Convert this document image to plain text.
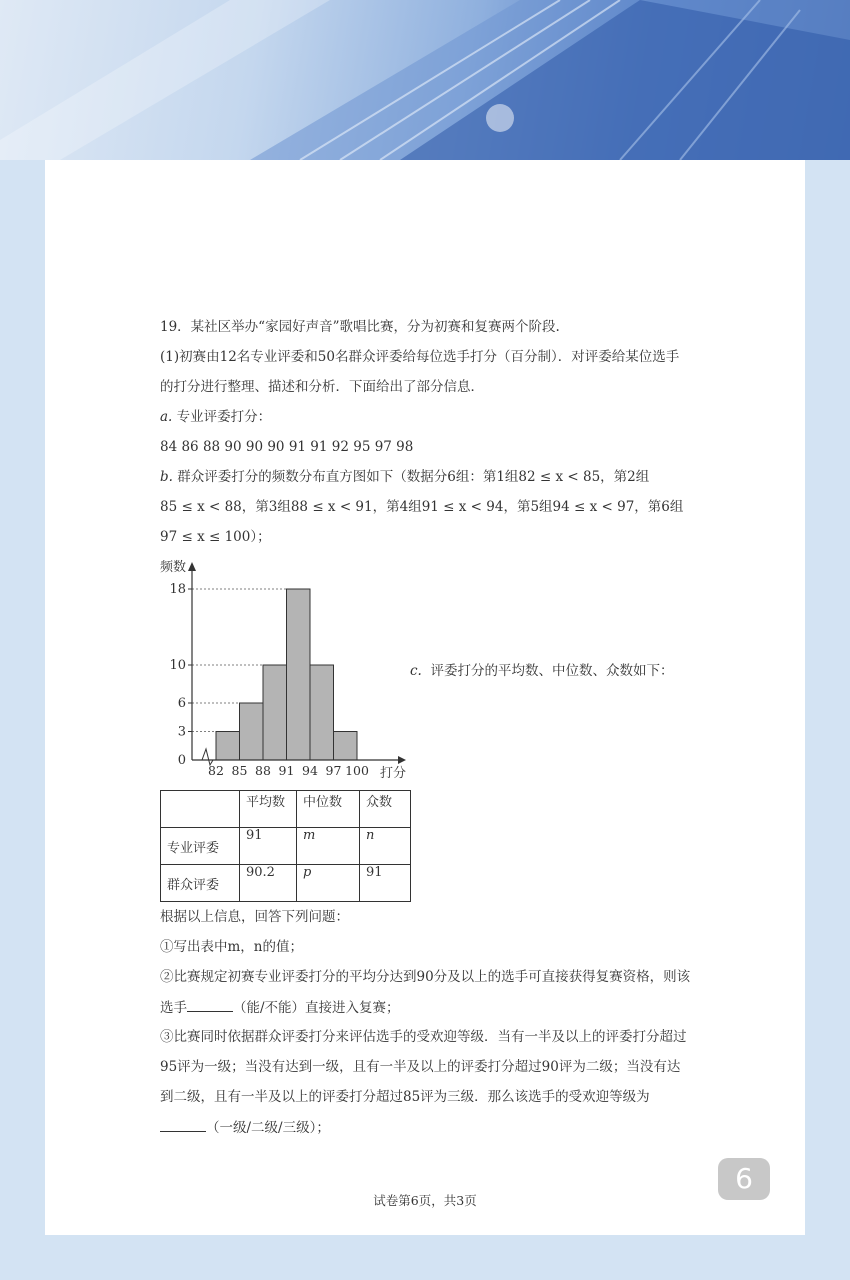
19．某社区举办“家园好声音”歌唱比赛，分为初赛和复赛两个阶段.
(1)初赛由12名专业评委和50名群众评委给每位选手打分（百分制）．对评委给某位选手
的打分进行整理、描述和分析．下面给出了部分信息．
a. 专业评委打分：
84 86 88 90 90 90 91 91 92 95 97 98
b. 群众评委打分的频数分布直方图如下（数据分6组：第1组82 ≤ x < 85，第2组
85 ≤ x < 88，第3组88 ≤ x < 91，第4组91 ≤ x < 94，第5组94 ≤ x < 97，第6组
97 ≤ x ≤ 100）；
0
3
6
10
18
82 85 88 91 94 97 100
频数
打分
c. 评委打分的平均数、中位数、众数如下：
	平均数	中位数	众数
专业评委	91	m	n
群众评委	90.2	p	91
根据以上信息，回答下列问题：
①写出表中m，n的值；
②比赛规定初赛专业评委打分的平均分达到90分及以上的选手可直接获得复赛资格，则该
选手	（能/不能）直接进入复赛；
③比赛同时依据群众评委打分来评估选手的受欢迎等级．当有一半及以上的评委打分超过
95评为一级；当没有达到一级，且有一半及以上的评委打分超过90评为二级；当没有达
到二级，且有一半及以上的评委打分超过85评为三级．那么该选手的受欢迎等级为
（一级/二级/三级）；
6
试卷第6页，共3页
